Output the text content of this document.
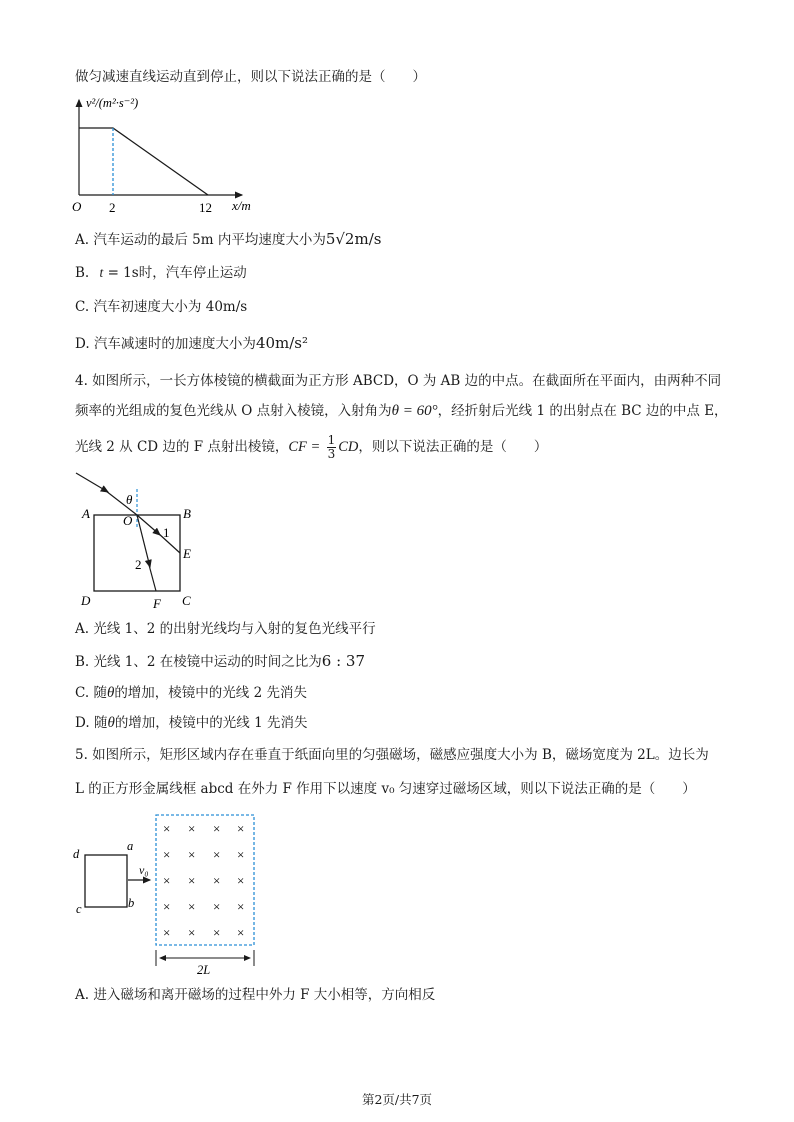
做匀减速直线运动直到停止，则以下说法正确的是（　　）
v²/(m²·s⁻²)
O 2	12 x/m
A. 汽车运动的最后 5m 内平均速度大小为5√2m/s
B. t = 1s时，汽车停止运动
C. 汽车初速度大小为 40m/s
D. 汽车减速时的加速度大小为40m/s²
4. 如图所示，一长方体棱镜的横截面为正方形 ABCD，O 为 AB 边的中点。在截面所在平面内，由两种不同
频率的光组成的复色光线从 O 点射入棱镜，入射角为θ = 60°，经折射后光线 1 的出射点在 BC 边的中点 E，
光线 2 从 CD 边的 F 点射出棱镜，CF = $\frac{1}{3}$ CD，则以下说法正确的是（　　）
θ
A	B
O
1
E
2
D	F C
A. 光线 1、2 的出射光线均与入射的复色光线平行
B. 光线 1、2 在棱镜中运动的时间之比为6 : 37
C. 随θ的增加，棱镜中的光线 2 先消失
D. 随θ的增加，棱镜中的光线 1 先消失
5. 如图所示，矩形区域内存在垂直于纸面向里的匀强磁场，磁感应强度大小为 B，磁场宽度为 2L。边长为
L 的正方形金属线框 abcd 在外力 F 作用下以速度 v₀ 匀速穿过磁场区域，则以下说法正确的是（　　）
d
a
c	b
v₀
× × × ×
× × × ×
× × × ×
× × × ×
× × × ×
2L
A. 进入磁场和离开磁场的过程中外力 F 大小相等，方向相反
第2页/共7页
